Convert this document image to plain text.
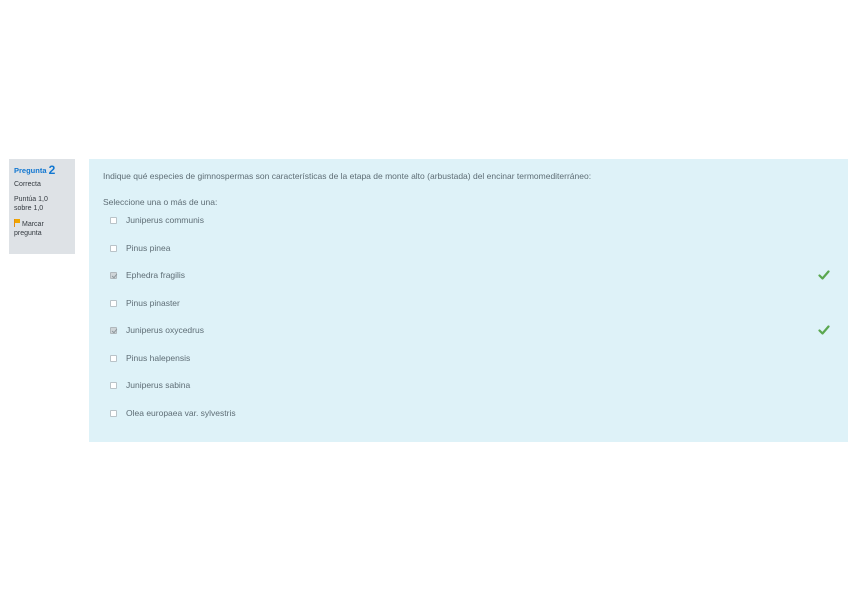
Pregunta 2
Correcta
Puntúa 1,0
sobre 1,0
Marcar
pregunta
Indique qué especies de gimnospermas son características de la etapa de monte alto (arbustada) del encinar termomediterráneo:
Seleccione una o más de una:
Juniperus communis
Pinus pinea
Ephedra fragilis
Pinus pinaster
Juniperus oxycedrus
Pinus halepensis
Juniperus sabina
Olea europaea var. sylvestris
